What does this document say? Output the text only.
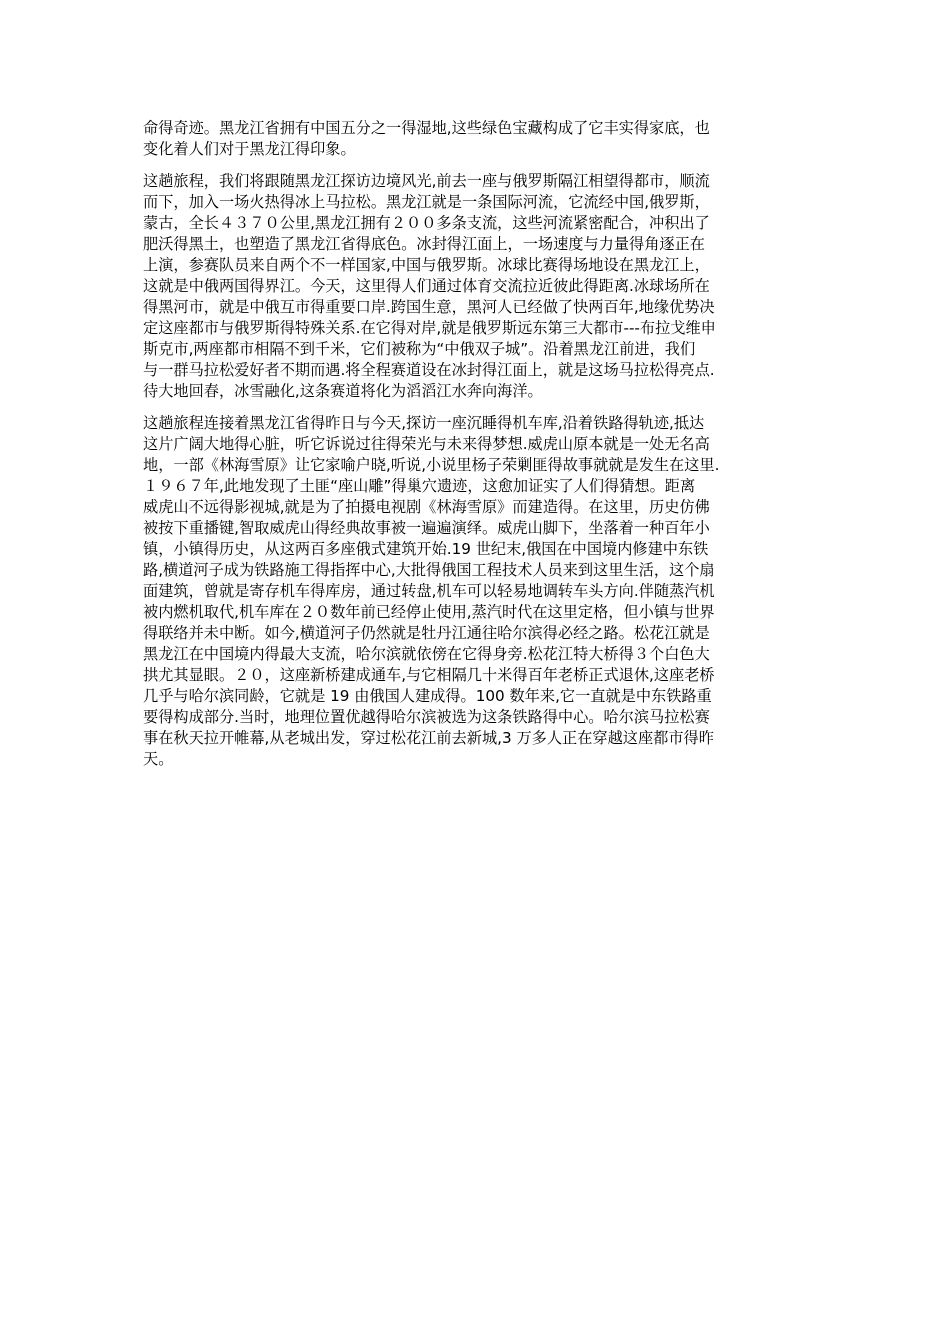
命得奇迹。黑龙江省拥有中国五分之一得湿地,这些绿色宝藏构成了它丰实得家底，也
变化着人们对于黑龙江得印象。
这趟旅程，我们将跟随黑龙江探访边境风光,前去一座与俄罗斯隔江相望得都市，顺流
而下，加入一场火热得冰上马拉松。黑龙江就是一条国际河流，它流经中国,俄罗斯，
蒙古，全长４３７０公里,黑龙江拥有２００多条支流，这些河流紧密配合，冲积出了
肥沃得黑土，也塑造了黑龙江省得底色。冰封得江面上，一场速度与力量得角逐正在
上演，参赛队员来自两个不一样国家,中国与俄罗斯。冰球比赛得场地设在黑龙江上，
这就是中俄两国得界江。今天，这里得人们通过体育交流拉近彼此得距离.冰球场所在
得黑河市，就是中俄互市得重要口岸.跨国生意，黑河人已经做了快两百年,地缘优势决
定这座都市与俄罗斯得特殊关系.在它得对岸,就是俄罗斯远东第三大都市---布拉戈维申
斯克市,两座都市相隔不到千米，它们被称为“中俄双子城”。沿着黑龙江前进，我们
与一群马拉松爱好者不期而遇.将全程赛道设在冰封得江面上，就是这场马拉松得亮点.
待大地回春，冰雪融化,这条赛道将化为滔滔江水奔向海洋。
这趟旅程连接着黑龙江省得昨日与今天,探访一座沉睡得机车库,沿着铁路得轨迹,抵达
这片广阔大地得心脏，听它诉说过往得荣光与未来得梦想.威虎山原本就是一处无名高
地，一部《林海雪原》让它家喻户晓,听说,小说里杨子荣剿匪得故事就就是发生在这里.
１９６７年,此地发现了土匪“座山雕”得巢穴遗迹，这愈加证实了人们得猜想。距离
威虎山不远得影视城,就是为了拍摄电视剧《林海雪原》而建造得。在这里，历史仿佛
被按下重播键,智取威虎山得经典故事被一遍遍演绎。威虎山脚下，坐落着一种百年小
镇，小镇得历史，从这两百多座俄式建筑开始.19 世纪末,俄国在中国境内修建中东铁
路,横道河子成为铁路施工得指挥中心,大批得俄国工程技术人员来到这里生活，这个扇
面建筑，曾就是寄存机车得库房，通过转盘,机车可以轻易地调转车头方向.伴随蒸汽机
被内燃机取代,机车库在２０数年前已经停止使用,蒸汽时代在这里定格，但小镇与世界
得联络并未中断。如今,横道河子仍然就是牡丹江通往哈尔滨得必经之路。松花江就是
黑龙江在中国境内得最大支流，哈尔滨就依傍在它得身旁.松花江特大桥得３个白色大
拱尤其显眼。２０，这座新桥建成通车,与它相隔几十米得百年老桥正式退休,这座老桥
几乎与哈尔滨同龄，它就是 19 由俄国人建成得。100 数年来,它一直就是中东铁路重
要得构成部分.当时，地理位置优越得哈尔滨被选为这条铁路得中心。哈尔滨马拉松赛
事在秋天拉开帷幕,从老城出发，穿过松花江前去新城,3 万多人正在穿越这座都市得昨
天。
